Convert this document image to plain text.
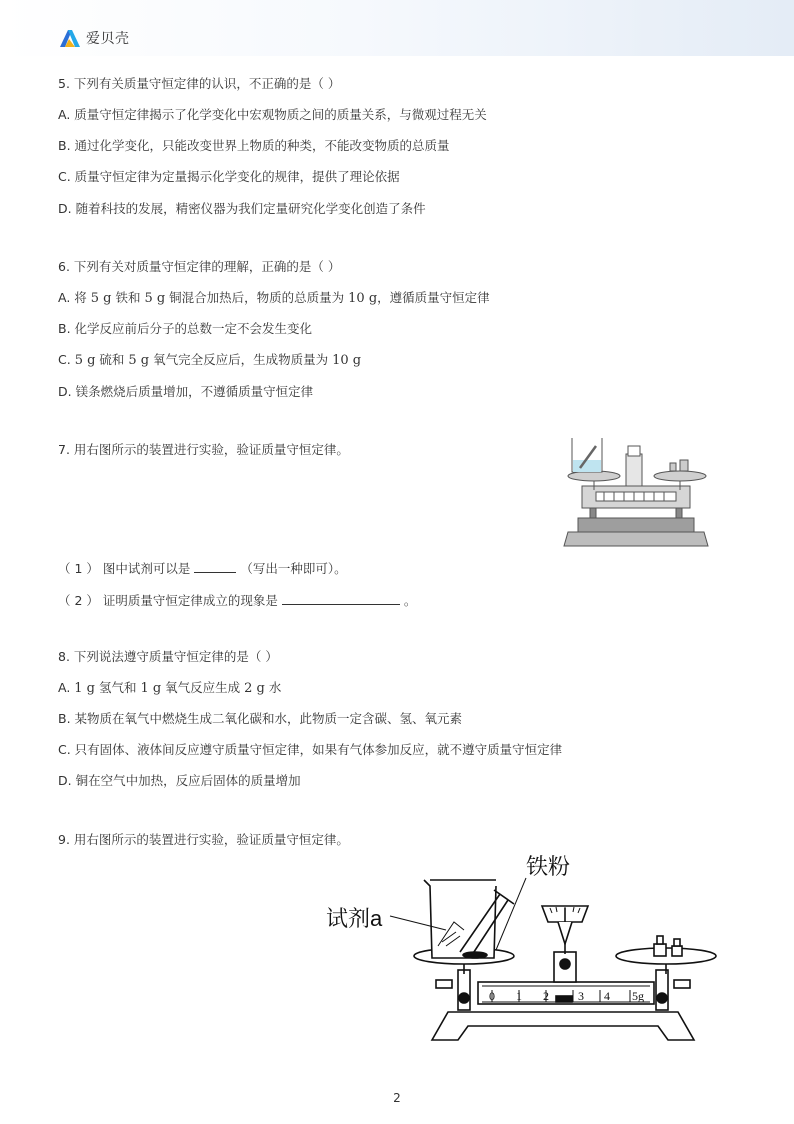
爱贝壳
5. 下列有关质量守恒定律的认识，不正确的是（ ）
A. 质量守恒定律揭示了化学变化中宏观物质之间的质量关系，与微观过程无关
B. 通过化学变化，只能改变世界上物质的种类，不能改变物质的总质量
C. 质量守恒定律为定量揭示化学变化的规律，提供了理论依据
D. 随着科技的发展，精密仪器为我们定量研究化学变化创造了条件
6. 下列有关对质量守恒定律的理解，正确的是（ ）
A. 将 5 g 铁和 5 g 铜混合加热后，物质的总质量为 10 g，遵循质量守恒定律
B. 化学反应前后分子的总数一定不会发生变化
C. 5 g 硫和 5 g 氧气完全反应后，生成物质量为 10 g
D. 镁条燃烧后质量增加，不遵循质量守恒定律
7. 用右图所示的装置进行实验，验证质量守恒定律。
（ 1 ） 图中试剂可以是	（写出一种即可）。
（ 2 ） 证明质量守恒定律成立的现象是	。
8. 下列说法遵守质量守恒定律的是（ ）
A. 1 g 氢气和 1 g 氧气反应生成 2 g 水
B. 某物质在氧气中燃烧生成二氧化碳和水，此物质一定含碳、氢、氧元素
C. 只有固体、液体间反应遵守质量守恒定律，如果有气体参加反应，就不遵守质量守恒定律
D. 铜在空气中加热，反应后固体的质量增加
9. 用右图所示的装置进行实验，验证质量守恒定律。
试剂a
铁粉
0 1 2 3 4 5g
2
